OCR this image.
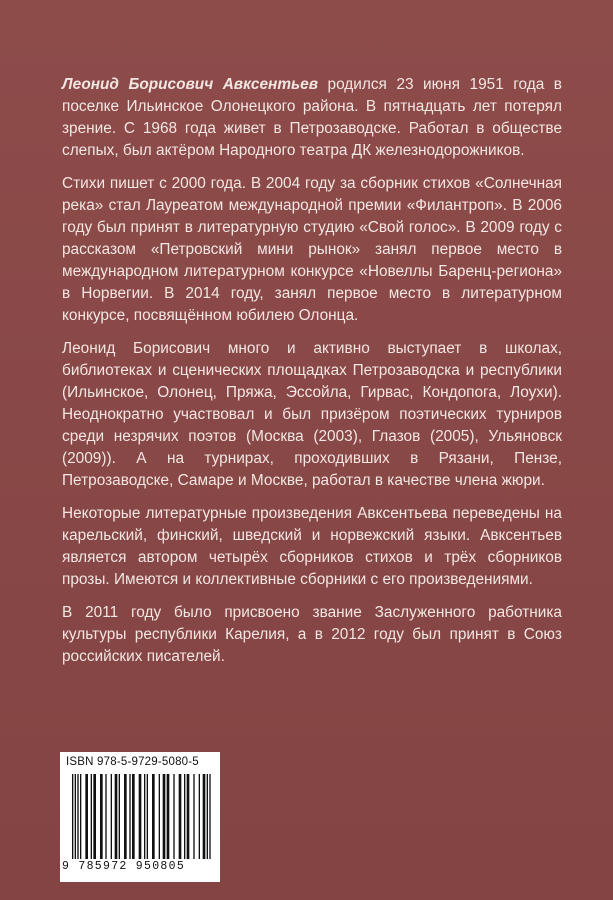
Леонид Борисович Авксентьев родился 23 июня 1951 года в поселке Ильинское Олонецкого района. В пятнадцать лет потерял зрение. С 1968 года живет в Петрозаводске. Работал в обществе слепых, был актёром Народного театра ДК железнодорожников.

Стихи пишет с 2000 года. В 2004 году за сборник стихов «Солнечная река» стал Лауреатом международной премии «Филантроп». В 2006 году был принят в литературную студию «Свой голос». В 2009 году с рассказом «Петровский мини рынок» занял первое место в международном литературном конкурсе «Новеллы Баренц-региона» в Норвегии. В 2014 году, занял первое место в литературном конкурсе, посвящённом юбилею Олонца.

Леонид Борисович много и активно выступает в школах, библиотеках и сценических площадках Петрозаводска и республики (Ильинское, Олонец, Пряжа, Эссойла, Гирвас, Кондопога, Лоухи). Неоднократно участвовал и был призёром поэтических турниров среди незрячих поэтов (Москва (2003), Глазов (2005), Ульяновск (2009)). А на турнирах, проходивших в Рязани, Пензе, Петрозаводске, Самаре и Москве, работал в качестве члена жюри.

Некоторые литературные произведения Авксентьева переведены на карельский, финский, шведский и норвежский языки. Авксентьев является автором четырёх сборников стихов и трёх сборников прозы. Имеются и коллективные сборники с его произведениями.

В 2011 году было присвоено звание Заслуженного работника культуры республики Карелия, а в 2012 году был принят в Союз российских писателей.

ISBN 978-5-9729-5080-5
9 785972 950805
